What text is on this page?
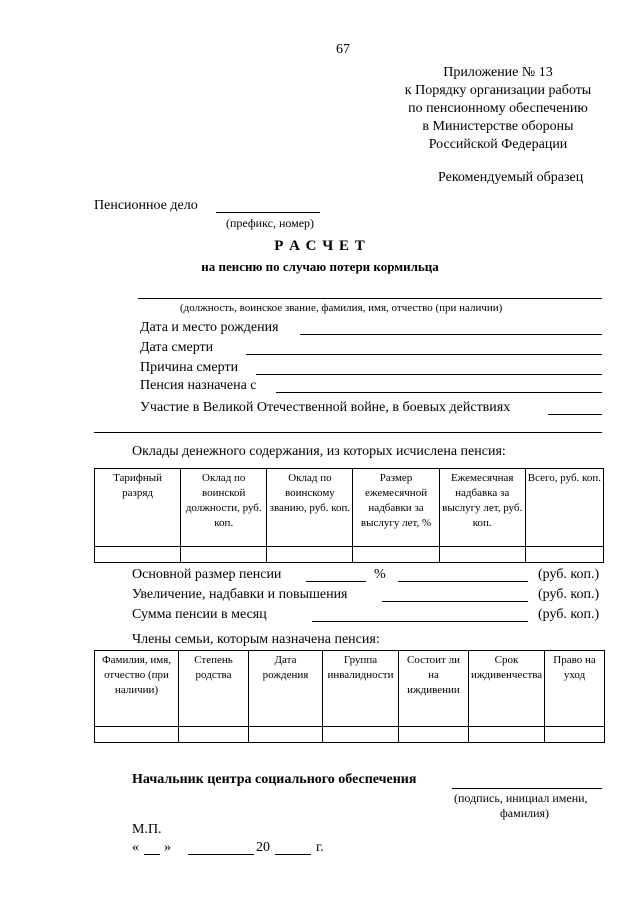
67
Приложение № 13
к Порядку организации работы
по пенсионному обеспечению
в Министерстве обороны
Российской Федерации
Рекомендуемый образец
Пенсионное дело
(префикс, номер)
Р А С Ч Е Т
на пенсию по случаю потери кормильца
(должность, воинское звание, фамилия, имя, отчество (при наличии)
Дата и место рождения
Дата смерти
Причина смерти
Пенсия назначена с
Участие в Великой Отечественной войне, в боевых действиях
Оклады денежного содержания, из которых исчислена пенсия:
Тарифный разряд	Оклад по воинской должности, руб. коп.	Оклад по воинскому званию, руб. коп.	Размер ежемесячной надбавки за выслугу лет, %	Ежемесячная надбавка за выслугу лет, руб. коп.	Всего, руб. коп.

Основной размер пенсии	%	(руб. коп.)
Увеличение, надбавки и повышения	(руб. коп.)
Сумма пенсии в месяц	(руб. коп.)
Члены семьи, которым назначена пенсия:
Фамилия, имя, отчество (при наличии)	Степень родства	Дата рождения	Группа инвалидности	Состоит ли на иждивении	Срок иждивенчества	Право на уход

Начальник центра социального обеспечения
(подпись, инициал имени,
фамилия)
М.П.
« »	20	г.
